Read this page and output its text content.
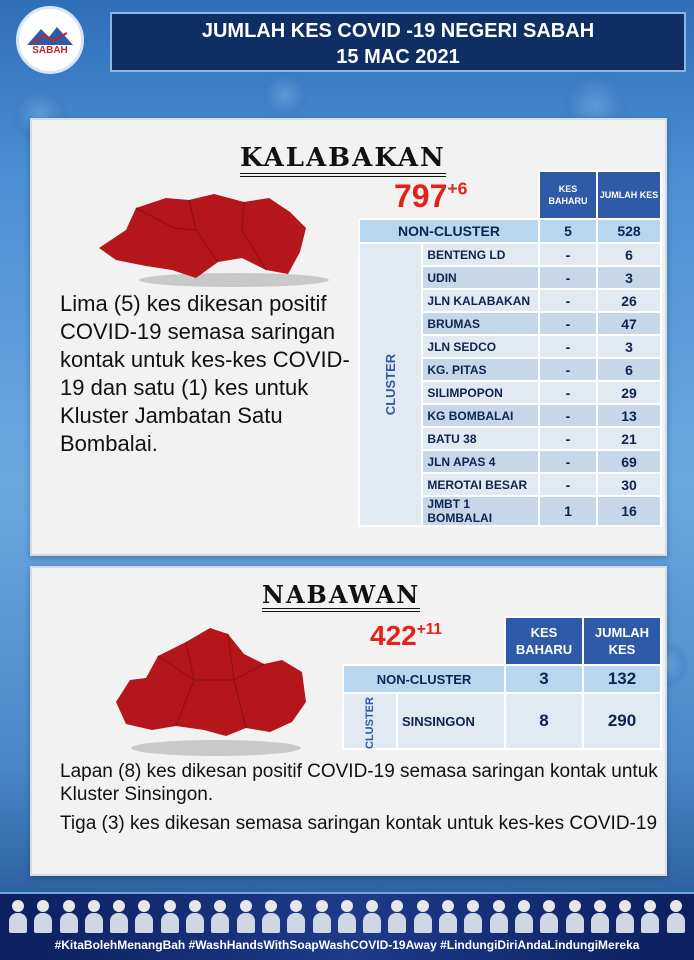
SABAH
JUMLAH KES COVID -19 NEGERI SABAH
15 MAC 2021
KALABAKAN
$797^{+6}$
Lima (5) kes dikesan positif COVID-19 semasa saringan kontak untuk kes-kes COVID-19 dan satu (1) kes untuk Kluster Jambatan Satu Bombalai.
		KES BAHARU	JUMLAH KES
NON-CLUSTER		5	528
CLUSTER	BENTENG LD	-	6
	UDIN	-	3
	JLN KALABAKAN	-	26
	BRUMAS	-	47
	JLN SEDCO	-	3
	KG. PITAS	-	6
	SILIMPOPON	-	29
	KG BOMBALAI	-	13
	BATU 38	-	21
	JLN APAS 4	-	69
	MEROTAI BESAR	-	30
	JMBT 1 BOMBALAI	1	16
NABAWAN
$422^{+11}$
		KES BAHARU	JUMLAH KES
NON-CLUSTER		3	132
CLUSTER	SINSINGON	8	290
Lapan (8) kes dikesan positif COVID-19 semasa saringan kontak untuk Kluster Sinsingon.
Tiga (3) kes dikesan semasa saringan kontak untuk kes-kes COVID-19
#KitaBolehMenangBah #WashHandsWithSoapWashCOVID-19Away #LindungiDiriAndaLindungiMereka
